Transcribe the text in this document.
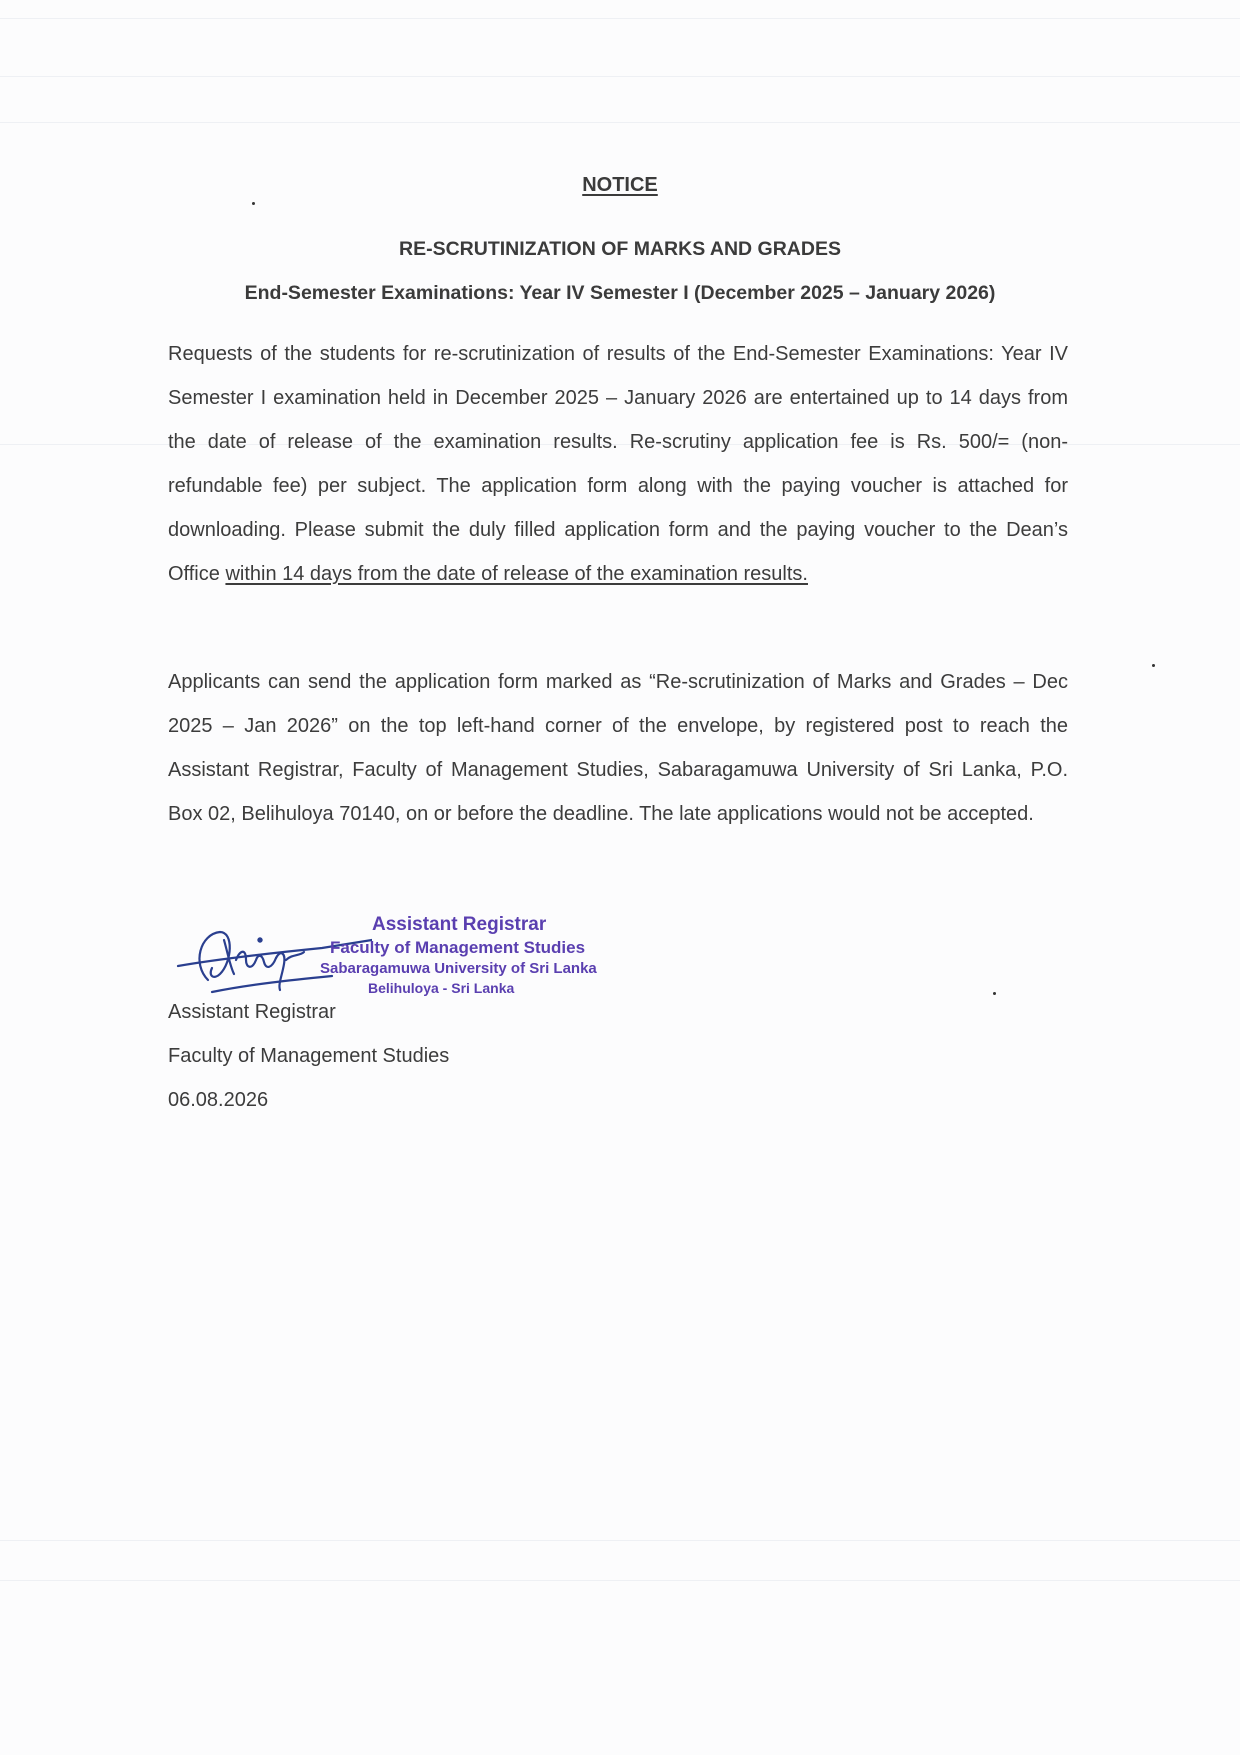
NOTICE
RE-SCRUTINIZATION OF MARKS AND GRADES
End-Semester Examinations: Year IV Semester I (December 2025 – January 2026)

Requests of the students for re-scrutinization of results of the End-Semester Examinations: Year IV Semester I examination held in December 2025 – January 2026 are entertained up to 14 days from the date of release of the examination results. Re-scrutiny application fee is Rs. 500/= (non-refundable fee) per subject. The application form along with the paying voucher is attached for downloading. Please submit the duly filled application form and the paying voucher to the Dean’s Office within 14 days from the date of release of the examination results.

Applicants can send the application form marked as “Re-scrutinization of Marks and Grades – Dec 2025 – Jan 2026” on the top left-hand corner of the envelope, by registered post to reach the Assistant Registrar, Faculty of Management Studies, Sabaragamuwa University of Sri Lanka, P.O. Box 02, Belihuloya 70140, on or before the deadline. The late applications would not be accepted.

Assistant Registrar
Faculty of Management Studies
Sabaragamuwa University of Sri Lanka
Belihuloya - Sri Lanka
Assistant Registrar
Faculty of Management Studies
06.08.2026
